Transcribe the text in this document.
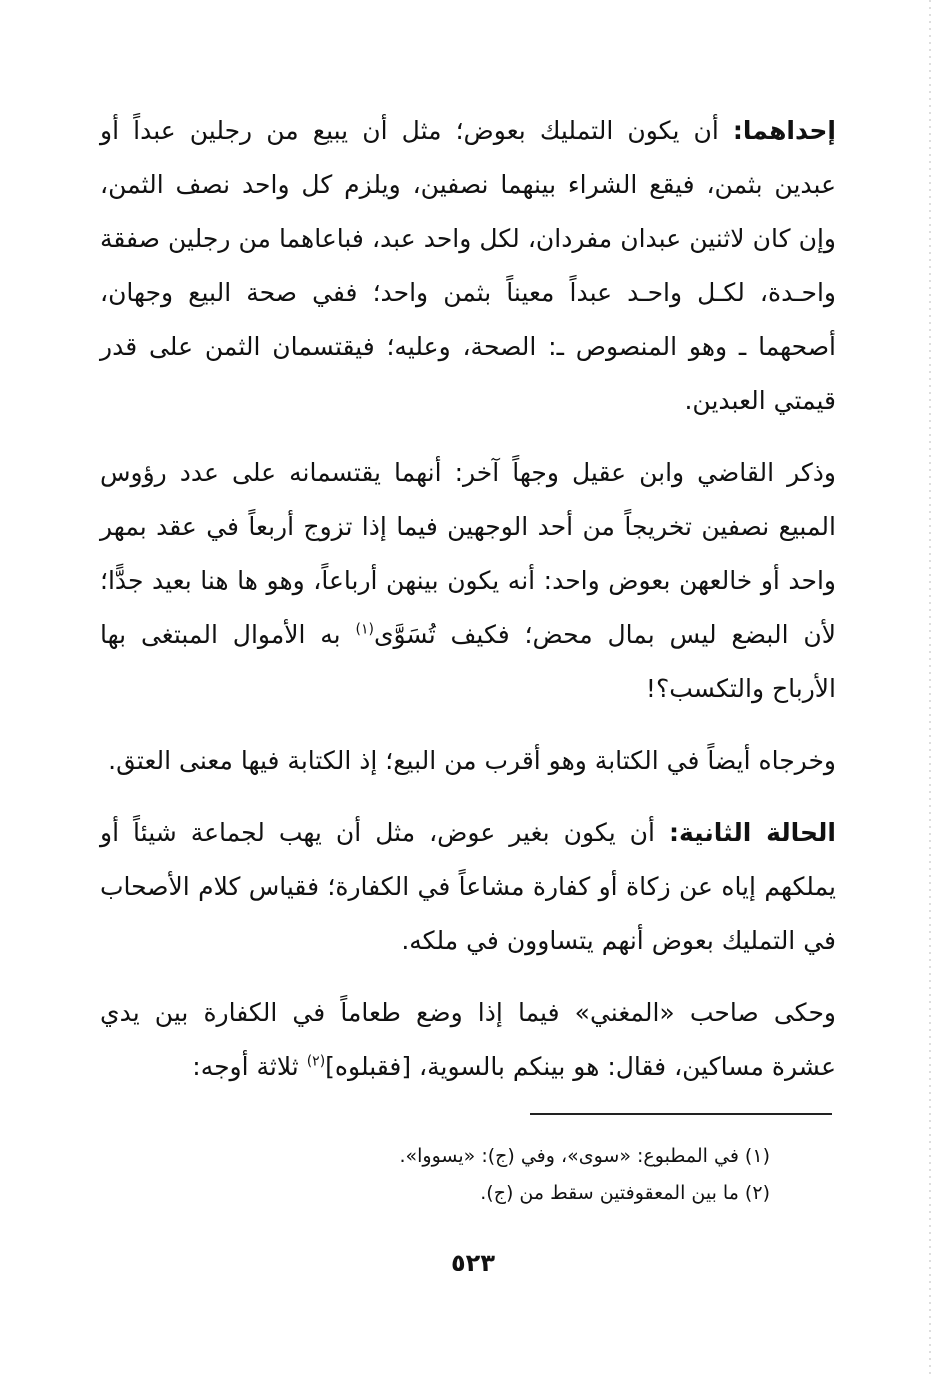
إحداهما: أن يكون التمليك بعوض؛ مثل أن يبيع من رجلين عبداً أو عبدين بثمن، فيقع الشراء بينهما نصفين، ويلزم كل واحد نصف الثمن، وإن كان لاثنين عبدان مفردان، لكل واحد عبد، فباعاهما من رجلين صفقة واحـدة، لكـل واحـد عبداً معيناً بثمن واحد؛ ففي صحة البيع وجهان، أصحهما ـ وهو المنصوص ـ: الصحة، وعليه؛ فيقتسمان الثمن على قدر قيمتي العبدين.

وذكر القاضي وابن عقيل وجهاً آخر: أنهما يقتسمانه على عدد رؤوس المبيع نصفين تخريجاً من أحد الوجهين فيما إذا تزوج أربعاً في عقد بمهر واحد أو خالعهن بعوض واحد: أنه يكون بينهن أرباعاً، وهو ها هنا بعيد جدًّا؛ لأن البضع ليس بمال محض؛ فكيف تُسَوَّى$^{(١)}$ به الأموال المبتغى بها الأرباح والتكسب؟!

وخرجاه أيضاً في الكتابة وهو أقرب من البيع؛ إذ الكتابة فيها معنى العتق.

الحالة الثانية: أن يكون بغير عوض، مثل أن يهب لجماعة شيئاً أو يملكهم إياه عن زكاة أو كفارة مشاعاً في الكفارة؛ فقياس كلام الأصحاب في التمليك بعوض أنهم يتساوون في ملكه.

وحكى صاحب «المغني» فيما إذا وضع طعاماً في الكفارة بين يدي عشرة مساكين، فقال: هو بينكم بالسوية، [فقبلوه]$^{(٢)}$ ثلاثة أوجه:

(١) في المطبوع: «سوى»، وفي (ج): «يسووا».

(٢) ما بين المعقوفتين سقط من (ج).

٥٢٣
